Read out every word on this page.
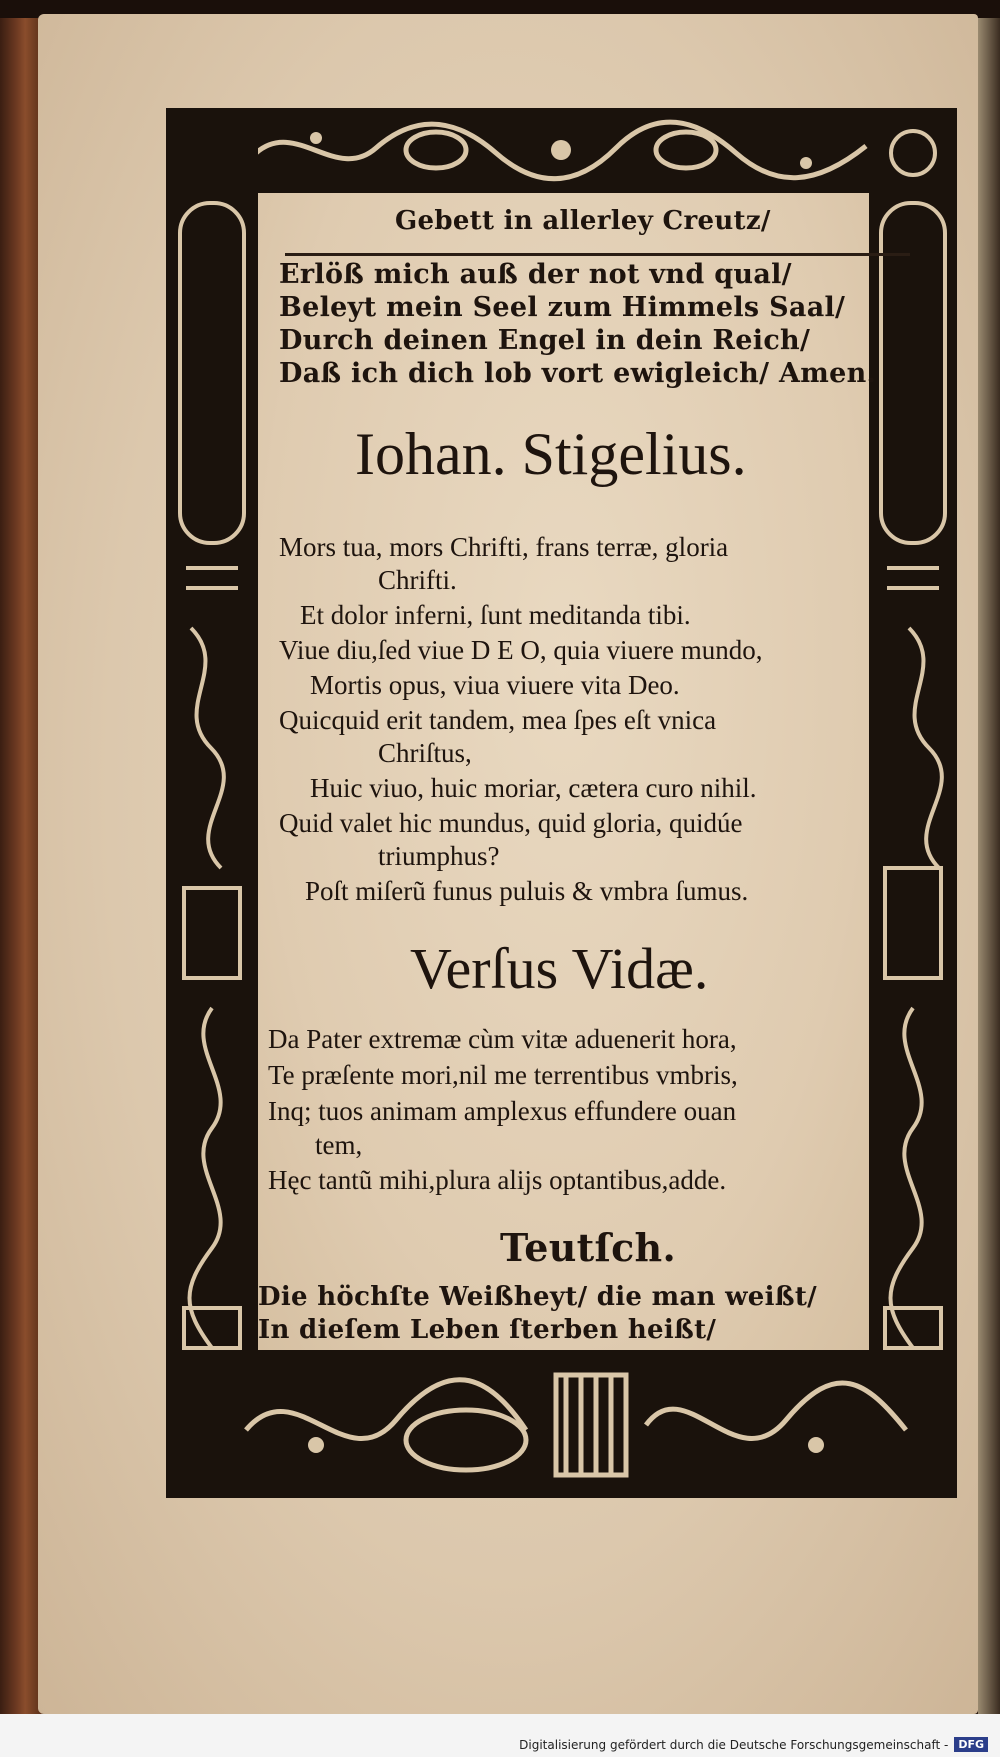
Gebett in allerley Creutz/
Erlöß mich auß der not vnd qual/
Beleyt mein Seel zum Himmels Saal/
Durch deinen Engel in dein Reich/
Daß ich dich lob vort ewigleich/ Amen.
Iohan. Stigelius.
Mors tua, mors Chrifti, frans terræ, gloria
Chrifti.
Et dolor inferni, ſunt meditanda tibi.
Viue diu,ſed viue D E O, quia viuere mundo,
Mortis opus, viua viuere vita Deo.
Quicquid erit tandem, mea ſpes eſt vnica
Chriſtus,
Huic viuo, huic moriar, cætera curo nihil.
Quid valet hic mundus, quid gloria, quidúe
triumphus?
Poſt miſerũ funus puluis & vmbra ſumus.
Verſus Vidæ.
Da Pater extremæ cùm vitæ aduenerit hora,
Te præſente mori,nil me terrentibus vmbris,
Inq; tuos animam amplexus effundere ouan
tem,
Hęc tantũ mihi,plura alijs optantibus,adde.
Teutſch.
Die höchſte Weißheyt/ die man weißt/
In dieſem Leben ſterben heißt/
Digitalisierung gefördert durch die Deutsche Forschungsgemeinschaft - DFG
